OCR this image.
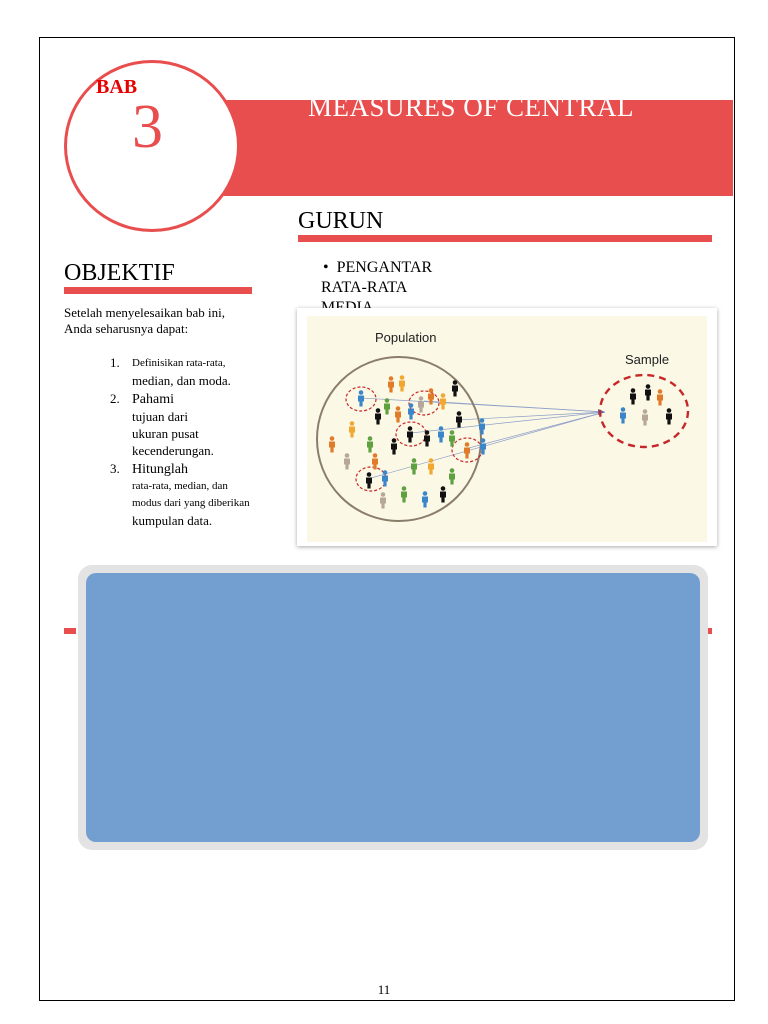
BAB
3	MEASURES OF CENTRAL
GURUN
OBJEKTIF
Setelah menyelesaikan bab ini,
Anda seharusnya dapat:
1. Definisikan rata-rata,
median, dan moda.
2. Pahami
tujuan dari
ukuran pusat
kecenderungan.
3. Hitunglah
rata-rata, median, dan
modus dari yang diberikan
kumpulan data.
• PENGANTAR
RATA-RATA
Population
Sample
11
